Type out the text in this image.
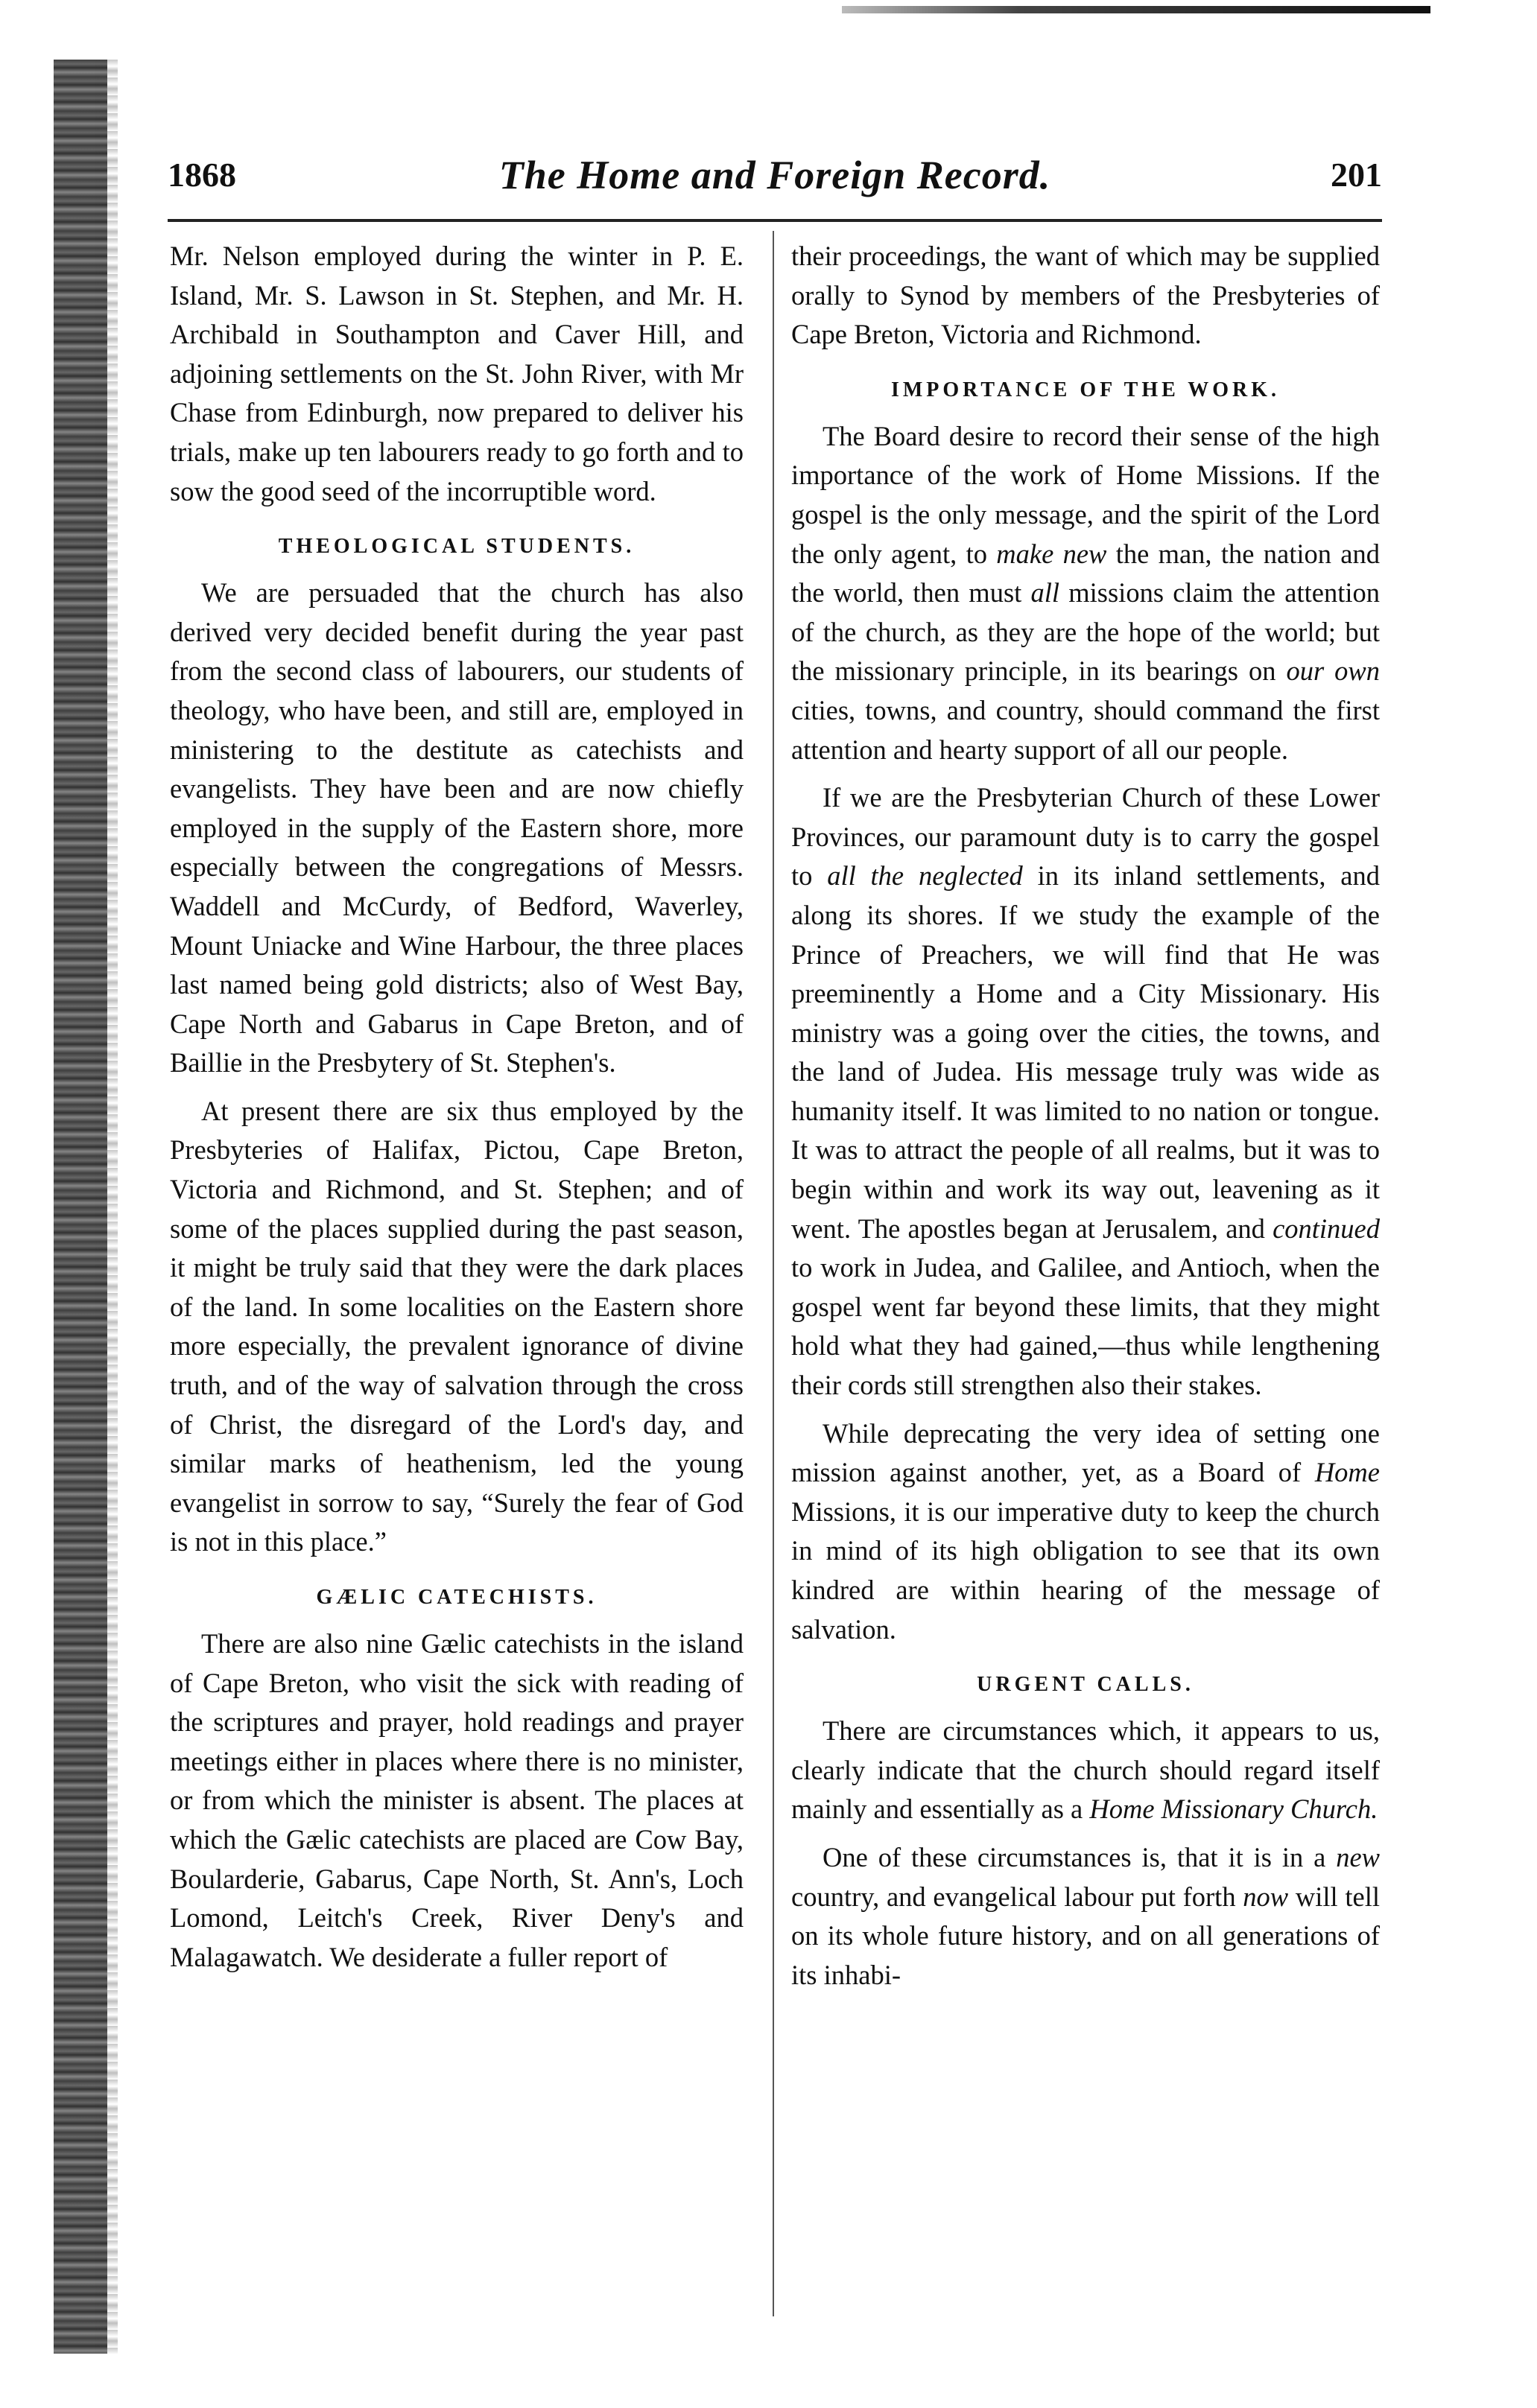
1868	The Home and Foreign Record.	201

Mr. Nelson employed during the winter in P. E. Island, Mr. S. Lawson in St. Stephen, and Mr. H. Archibald in Southampton and Caver Hill, and adjoining settlements on the St. John River, with Mr Chase from Edinburgh, now prepared to deliver his trials, make up ten labourers ready to go forth and to sow the good seed of the incorruptible word.

THEOLOGICAL STUDENTS.

We are persuaded that the church has also derived very decided benefit during the year past from the second class of labourers, our students of theology, who have been, and still are, employed in ministering to the destitute as catechists and evangelists. They have been and are now chiefly employed in the supply of the Eastern shore, more especially between the congregations of Messrs. Waddell and McCurdy, of Bedford, Waverley, Mount Uniacke and Wine Harbour, the three places last named being gold districts; also of West Bay, Cape North and Gabarus in Cape Breton, and of Baillie in the Presbytery of St. Stephen's.

At present there are six thus employed by the Presbyteries of Halifax, Pictou, Cape Breton, Victoria and Richmond, and St. Stephen; and of some of the places supplied during the past season, it might be truly said that they were the dark places of the land. In some localities on the Eastern shore more especially, the prevalent ignorance of divine truth, and of the way of salvation through the cross of Christ, the disregard of the Lord's day, and similar marks of heathenism, led the young evangelist in sorrow to say, “Surely the fear of God is not in this place.”

GÆLIC CATECHISTS.

There are also nine Gælic catechists in the island of Cape Breton, who visit the sick with reading of the scriptures and prayer, hold readings and prayer meetings either in places where there is no minister, or from which the minister is absent. The places at which the Gælic catechists are placed are Cow Bay, Boularderie, Gabarus, Cape North, St. Ann's, Loch Lomond, Leitch's Creek, River Deny's and Malagawatch. We desiderate a fuller report of

their proceedings, the want of which may be supplied orally to Synod by members of the Presbyteries of Cape Breton, Victoria and Richmond.

IMPORTANCE OF THE WORK.

The Board desire to record their sense of the high importance of the work of Home Missions. If the gospel is the only message, and the spirit of the Lord the only agent, to make new the man, the nation and the world, then must all missions claim the attention of the church, as they are the hope of the world; but the missionary principle, in its bearings on our own cities, towns, and country, should command the first attention and hearty support of all our people.

If we are the Presbyterian Church of these Lower Provinces, our paramount duty is to carry the gospel to all the neglected in its inland settlements, and along its shores. If we study the example of the Prince of Preachers, we will find that He was preeminently a Home and a City Missionary. His ministry was a going over the cities, the towns, and the land of Judea. His message truly was wide as humanity itself. It was limited to no nation or tongue. It was to attract the people of all realms, but it was to begin within and work its way out, leavening as it went. The apostles began at Jerusalem, and continued to work in Judea, and Galilee, and Antioch, when the gospel went far beyond these limits, that they might hold what they had gained,—thus while lengthening their cords still strengthen also their stakes.

While deprecating the very idea of setting one mission against another, yet, as a Board of Home Missions, it is our imperative duty to keep the church in mind of its high obligation to see that its own kindred are within hearing of the message of salvation.

URGENT CALLS.

There are circumstances which, it appears to us, clearly indicate that the church should regard itself mainly and essentially as a Home Missionary Church.

One of these circumstances is, that it is in a new country, and evangelical labour put forth now will tell on its whole future history, and on all generations of its inhabi-
